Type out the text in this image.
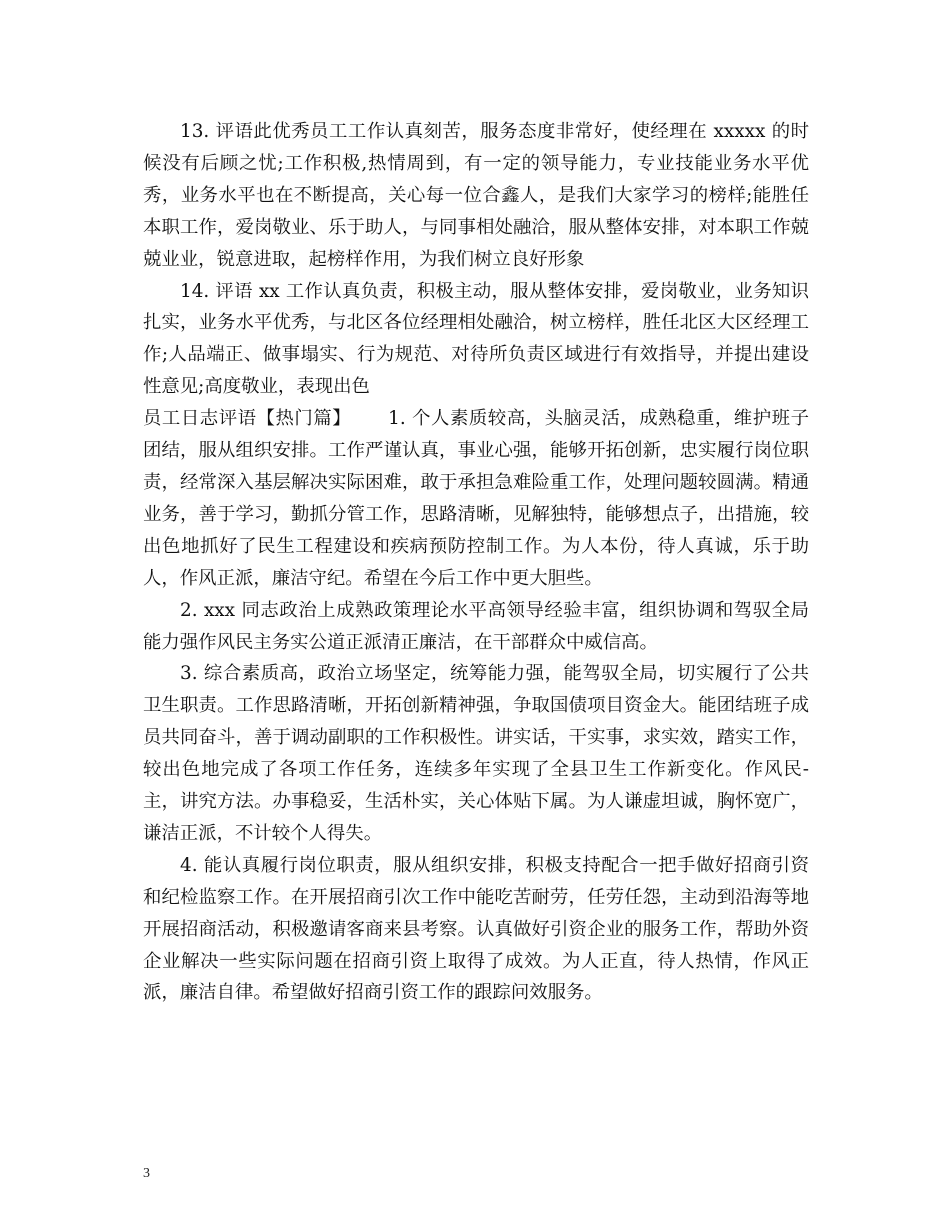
13. 评语此优秀员工工作认真刻苦，服务态度非常好，使经理在 xxxxx 的时候没有后顾之忧;工作积极,热情周到，有一定的领导能力，专业技能业务水平优秀，业务水平也在不断提高，关心每一位合鑫人，是我们大家学习的榜样;能胜任本职工作，爱岗敬业、乐于助人，与同事相处融洽，服从整体安排，对本职工作兢兢业业，锐意进取，起榜样作用，为我们树立良好形象

14. 评语 xx 工作认真负责，积极主动，服从整体安排，爱岗敬业，业务知识扎实，业务水平优秀，与北区各位经理相处融洽，树立榜样，胜任北区大区经理工作;人品端正、做事塌实、行为规范、对待所负责区域进行有效指导，并提出建设性意见;高度敬业，表现出色

员工日志评语【热门篇】 1. 个人素质较高，头脑灵活，成熟稳重，维护班子团结，服从组织安排。工作严谨认真，事业心强，能够开拓创新，忠实履行岗位职责，经常深入基层解决实际困难，敢于承担急难险重工作，处理问题较圆满。精通业务，善于学习，勤抓分管工作，思路清晰，见解独特，能够想点子，出措施，较出色地抓好了民生工程建设和疾病预防控制工作。为人本份，待人真诚，乐于助人，作风正派，廉洁守纪。希望在今后工作中更大胆些。

2. xxx 同志政治上成熟政策理论水平高领导经验丰富，组织协调和驾驭全局能力强作风民主务实公道正派清正廉洁，在干部群众中威信高。

3. 综合素质高，政治立场坚定，统筹能力强，能驾驭全局，切实履行了公共卫生职责。工作思路清晰，开拓创新精神强，争取国债项目资金大。能团结班子成员共同奋斗，善于调动副职的工作积极性。讲实话，干实事，求实效，踏实工作，较出色地完成了各项工作任务，连续多年实现了全县卫生工作新变化。作风民-主，讲究方法。办事稳妥，生活朴实，关心体贴下属。为人谦虚坦诚，胸怀宽广，谦洁正派，不计较个人得失。

4. 能认真履行岗位职责，服从组织安排，积极支持配合一把手做好招商引资和纪检监察工作。在开展招商引次工作中能吃苦耐劳，任劳任怨，主动到沿海等地开展招商活动，积极邀请客商来县考察。认真做好引资企业的服务工作，帮助外资企业解决一些实际问题在招商引资上取得了成效。为人正直，待人热情，作风正派，廉洁自律。希望做好招商引资工作的跟踪问效服务。

3
